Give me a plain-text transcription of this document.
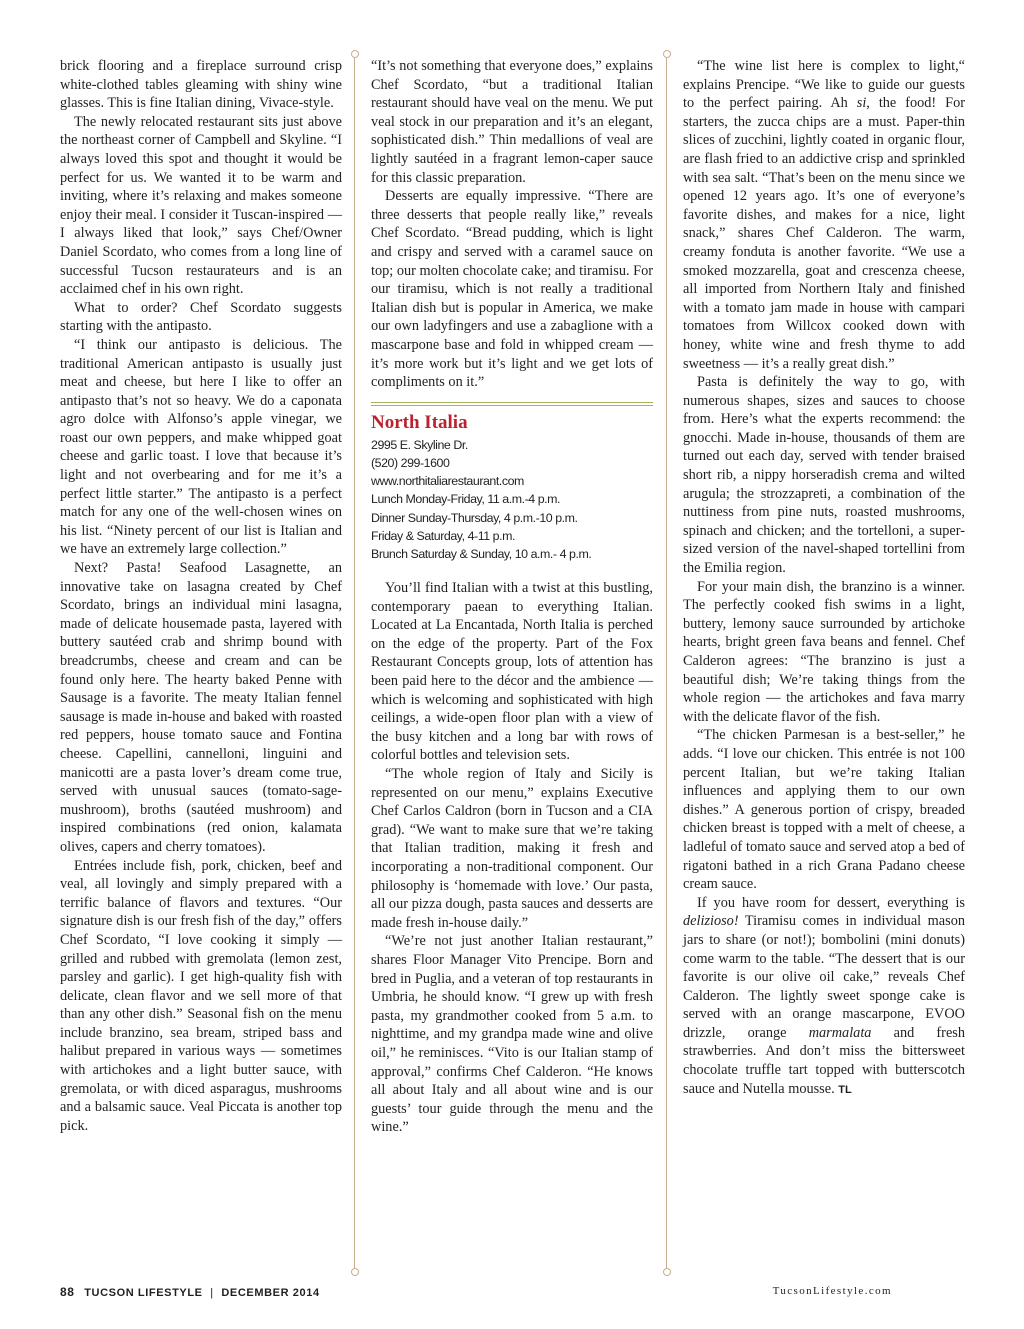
brick flooring and a fireplace surround crisp white-clothed tables gleaming with shiny wine glasses. This is fine Italian dining, Vivace-style.

The newly relocated restaurant sits just above the northeast corner of Campbell and Skyline. “I always loved this spot and thought it would be perfect for us. We wanted it to be warm and inviting, where it’s relaxing and makes someone enjoy their meal. I consider it Tuscan-inspired — I always liked that look,” says Chef/Owner Daniel Scordato, who comes from a long line of successful Tucson restaurateurs and is an acclaimed chef in his own right.

What to order? Chef Scordato suggests starting with the antipasto.

“I think our antipasto is delicious. The traditional American antipasto is usually just meat and cheese, but here I like to offer an antipasto that’s not so heavy. We do a caponata agro dolce with Alfonso’s apple vinegar, we roast our own peppers, and make whipped goat cheese and garlic toast. I love that because it’s light and not overbearing and for me it’s a perfect little starter.” The antipasto is a perfect match for any one of the well-chosen wines on his list. “Ninety percent of our list is Italian and we have an extremely large collection.”

Next? Pasta! Seafood Lasagnette, an innovative take on lasagna created by Chef Scordato, brings an individual mini lasagna, made of delicate housemade pasta, layered with buttery sautéed crab and shrimp bound with breadcrumbs, cheese and cream and can be found only here. The hearty baked Penne with Sausage is a favorite. The meaty Italian fennel sausage is made in-house and baked with roasted red peppers, house tomato sauce and Fontina cheese. Capellini, cannelloni, linguini and manicotti are a pasta lover’s dream come true, served with unusual sauces (tomato-sage-mushroom), broths (sautéed mushroom) and inspired combinations (red onion, kalamata olives, capers and cherry tomatoes).

Entrées include fish, pork, chicken, beef and veal, all lovingly and simply prepared with a terrific balance of flavors and textures. “Our signature dish is our fresh fish of the day,” offers Chef Scordato, “I love cooking it simply — grilled and rubbed with gremolata (lemon zest, parsley and garlic). I get high-quality fish with delicate, clean flavor and we sell more of that than any other dish.” Seasonal fish on the menu include branzino, sea bream, striped bass and halibut prepared in various ways — sometimes with artichokes and a light butter sauce, with gremolata, or with diced asparagus, mushrooms and a balsamic sauce. Veal Piccata is another top pick.

“It’s not something that everyone does,” explains Chef Scordato, “but a traditional Italian restaurant should have veal on the menu. We put veal stock in our preparation and it’s an elegant, sophisticated dish.” Thin medallions of veal are lightly sautéed in a fragrant lemon-caper sauce for this classic preparation.

Desserts are equally impressive. “There are three desserts that people really like,” reveals Chef Scordato. “Bread pudding, which is light and crispy and served with a caramel sauce on top; our molten chocolate cake; and tiramisu. For our tiramisu, which is not really a traditional Italian dish but is popular in America, we make our own ladyfingers and use a zabaglione with a mascarpone base and fold in whipped cream — it’s more work but it’s light and we get lots of compliments on it.”

North Italia
2995 E. Skyline Dr.
(520) 299-1600
www.northitaliarestaurant.com
Lunch Monday-Friday, 11 a.m.-4 p.m.
Dinner Sunday-Thursday, 4 p.m.-10 p.m.
Friday & Saturday, 4-11 p.m.
Brunch Saturday & Sunday, 10 a.m.- 4 p.m.

You’ll find Italian with a twist at this bustling, contemporary paean to everything Italian. Located at La Encantada, North Italia is perched on the edge of the property. Part of the Fox Restaurant Concepts group, lots of attention has been paid here to the décor and the ambience — which is welcoming and sophisticated with high ceilings, a wide-open floor plan with a view of the busy kitchen and a long bar with rows of colorful bottles and television sets.

“The whole region of Italy and Sicily is represented on our menu,” explains Executive Chef Carlos Caldron (born in Tucson and a CIA grad). “We want to make sure that we’re taking that Italian tradition, making it fresh and incorporating a non-traditional component. Our philosophy is ‘homemade with love.’ Our pasta, all our pizza dough, pasta sauces and desserts are made fresh in-house daily.”

“We’re not just another Italian restaurant,” shares Floor Manager Vito Prencipe. Born and bred in Puglia, and a veteran of top restaurants in Umbria, he should know. “I grew up with fresh pasta, my grandmother cooked from 5 a.m. to nighttime, and my grandpa made wine and olive oil,” he reminisces. “Vito is our Italian stamp of approval,” confirms Chef Calderon. “He knows all about Italy and all about wine and is our guests’ tour guide through the menu and the wine.”

“The wine list here is complex to light,“ explains Prencipe. “We like to guide our guests to the perfect pairing. Ah si, the food! For starters, the zucca chips are a must. Paper-thin slices of zucchini, lightly coated in organic flour, are flash fried to an addictive crisp and sprinkled with sea salt. “That’s been on the menu since we opened 12 years ago. It’s one of everyone’s favorite dishes, and makes for a nice, light snack,” shares Chef Calderon. The warm, creamy fonduta is another favorite. “We use a smoked mozzarella, goat and crescenza cheese, all imported from Northern Italy and finished with a tomato jam made in house with campari tomatoes from Willcox cooked down with honey, white wine and fresh thyme to add sweetness — it’s a really great dish.”

Pasta is definitely the way to go, with numerous shapes, sizes and sauces to choose from. Here’s what the experts recommend: the gnocchi. Made in-house, thousands of them are turned out each day, served with tender braised short rib, a nippy horseradish crema and wilted arugula; the strozzapreti, a combination of the nuttiness from pine nuts, roasted mushrooms, spinach and chicken; and the tortelloni, a super-sized version of the navel-shaped tortellini from the Emilia region.

For your main dish, the branzino is a winner. The perfectly cooked fish swims in a light, buttery, lemony sauce surrounded by artichoke hearts, bright green fava beans and fennel. Chef Calderon agrees: “The branzino is just a beautiful dish; We’re taking things from the whole region — the artichokes and fava marry with the delicate flavor of the fish.

“The chicken Parmesan is a best-seller,” he adds. “I love our chicken. This entrée is not 100 percent Italian, but we’re taking Italian influences and applying them to our own dishes.” A generous portion of crispy, breaded chicken breast is topped with a melt of cheese, a ladleful of tomato sauce and served atop a bed of rigatoni bathed in a rich Grana Padano cheese cream sauce.

If you have room for dessert, everything is delizioso! Tiramisu comes in individual mason jars to share (or not!); bombolini (mini donuts) come warm to the table. “The dessert that is our favorite is our olive oil cake,” reveals Chef Calderon. The lightly sweet sponge cake is served with an orange mascarpone, EVOO drizzle, orange marmalata and fresh strawberries. And don’t miss the bittersweet chocolate truffle tart topped with butterscotch sauce and Nutella mousse. TL

88 TUCSON LIFESTYLE | DECEMBER 2014	TucsonLifestyle.com
